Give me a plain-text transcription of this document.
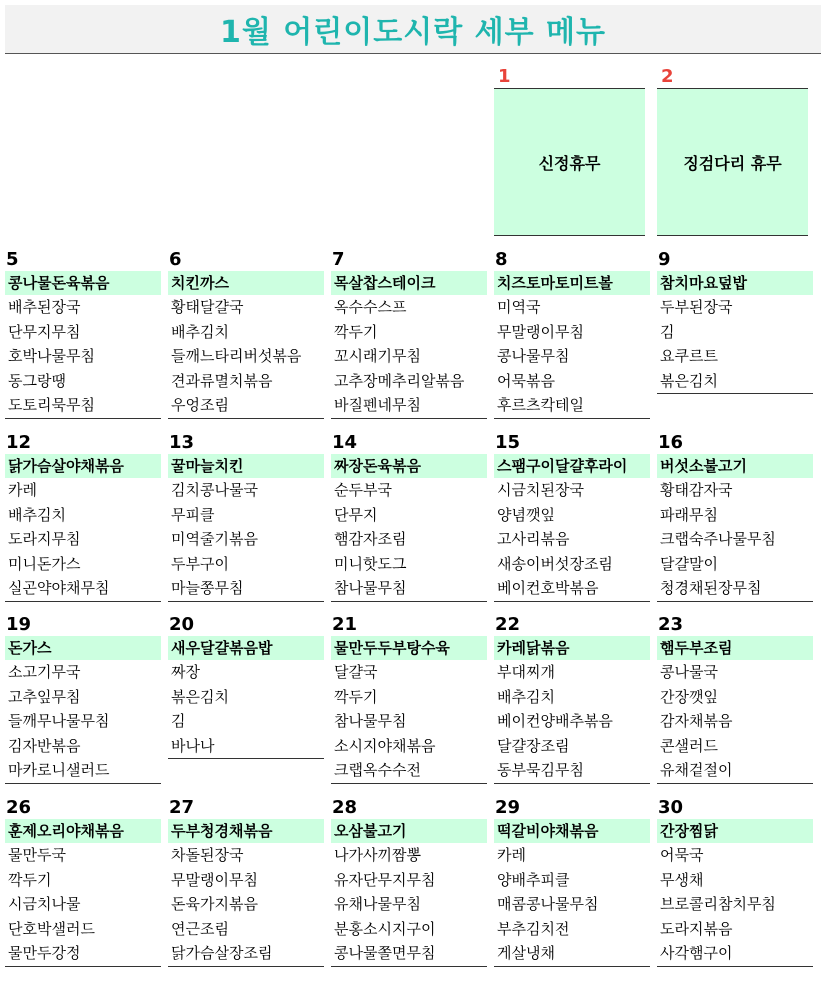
1월 어린이도시락 세부 메뉴
1
신정휴무
2
징검다리 휴무
5
콩나물돈육볶음
배추된장국
단무지무침
호박나물무침
동그랑땡
도토리묵무침
6
치킨까스
황태달걀국
배추김치
들깨느타리버섯볶음
견과류멸치볶음
우엉조림
7
목살찹스테이크
옥수수스프
깍두기
꼬시래기무침
고추장메추리알볶음
바질펜네무침
8
치즈토마토미트볼
미역국
무말랭이무침
콩나물무침
어묵볶음
후르츠칵테일
9
참치마요덮밥
두부된장국
김
요쿠르트
볶은김치
12
닭가슴살야채볶음
카레
배추김치
도라지무침
미니돈가스
실곤약야채무침
13
꿀마늘치킨
김치콩나물국
무피클
미역줄기볶음
두부구이
마늘쫑무침
14
짜장돈육볶음
순두부국
단무지
햄감자조림
미니핫도그
참나물무침
15
스팸구이달걀후라이
시금치된장국
양념깻잎
고사리볶음
새송이버섯장조림
베이컨호박볶음
16
버섯소불고기
황태감자국
파래무침
크랩숙주나물무침
달걀말이
청경채된장무침
19
돈가스
소고기무국
고추잎무침
들깨무나물무침
김자반볶음
마카로니샐러드
20
새우달걀볶음밥
짜장
볶은김치
김
바나나
21
물만두두부탕수육
달걀국
깍두기
참나물무침
소시지야채볶음
크랩옥수수전
22
카레닭볶음
부대찌개
배추김치
베이컨양배추볶음
달걀장조림
동부묵김무침
23
햄두부조림
콩나물국
간장깻잎
감자채볶음
콘샐러드
유채겉절이
26
훈제오리야채볶음
물만두국
깍두기
시금치나물
단호박샐러드
물만두강정
27
두부청경채볶음
차돌된장국
무말랭이무침
돈육가지볶음
연근조림
닭가슴살장조림
28
오삼불고기
나가사끼짬뽕
유자단무지무침
유채나물무침
분홍소시지구이
콩나물쫄면무침
29
떡갈비야채볶음
카레
양배추피클
매콤콩나물무침
부추김치전
게살냉채
30
간장찜닭
어묵국
무생채
브로콜리참치무침
도라지볶음
사각햄구이
